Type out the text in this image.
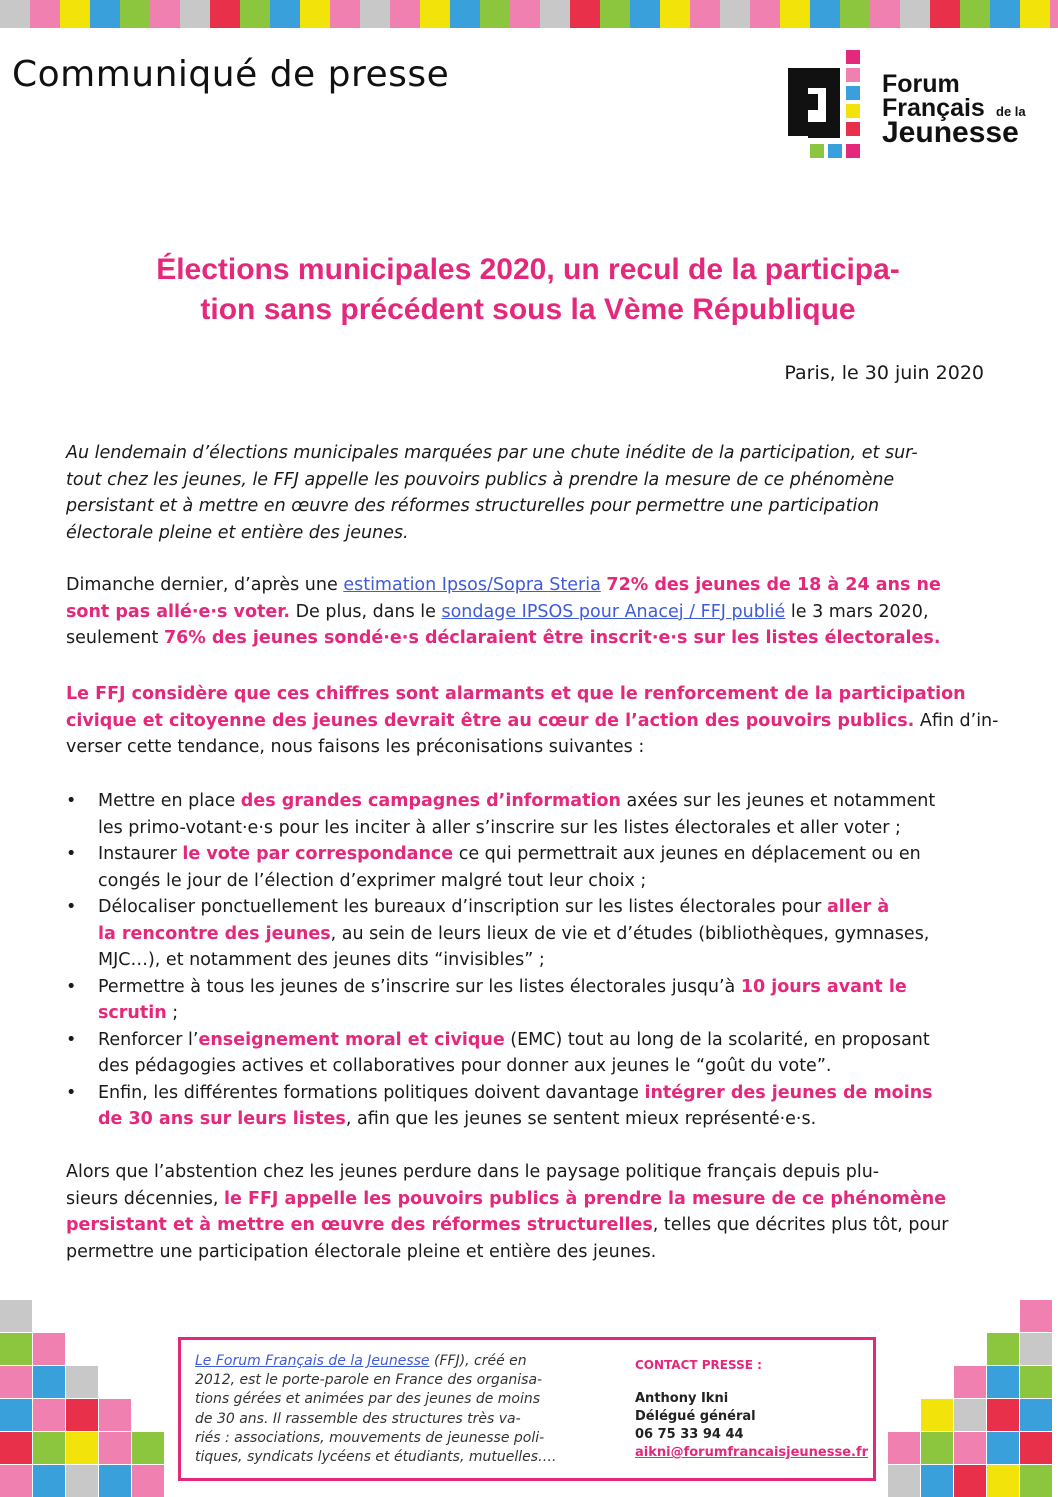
Communiqué de presse	Forum
Français de la
Jeunesse
Élections municipales 2020, un recul de la participa-
tion sans précédent sous la Vème République
Paris, le 30 juin 2020
Au lendemain d’élections municipales marquées par une chute inédite de la participation, et sur-
tout chez les jeunes, le FFJ appelle les pouvoirs publics à prendre la mesure de ce phénomène
persistant et à mettre en œuvre des réformes structurelles pour permettre une participation
électorale pleine et entière des jeunes.
Dimanche dernier, d’après une estimation Ipsos/Sopra Steria 72% des jeunes de 18 à 24 ans ne
sont pas allé·e·s voter. De plus, dans le sondage IPSOS pour Anacej / FFJ publié le 3 mars 2020,
seulement 76% des jeunes sondé·e·s déclaraient être inscrit·e·s sur les listes électorales.
Le FFJ considère que ces chiffres sont alarmants et que le renforcement de la participation
civique et citoyenne des jeunes devrait être au cœur de l’action des pouvoirs publics. Afin d’in-
verser cette tendance, nous faisons les préconisations suivantes :
• Mettre en place des grandes campagnes d’information axées sur les jeunes et notamment
les primo-votant·e·s pour les inciter à aller s’inscrire sur les listes électorales et aller voter ;
• Instaurer le vote par correspondance ce qui permettrait aux jeunes en déplacement ou en
congés le jour de l’élection d’exprimer malgré tout leur choix ;
• Délocaliser ponctuellement les bureaux d’inscription sur les listes électorales pour aller à
la rencontre des jeunes, au sein de leurs lieux de vie et d’études (bibliothèques, gymnases,
MJC…), et notamment des jeunes dits “invisibles” ;
• Permettre à tous les jeunes de s’inscrire sur les listes électorales jusqu’à 10 jours avant le
scrutin ;
• Renforcer l’enseignement moral et civique (EMC) tout au long de la scolarité, en proposant
des pédagogies actives et collaboratives pour donner aux jeunes le “goût du vote”.
• Enfin, les différentes formations politiques doivent davantage intégrer des jeunes de moins
de 30 ans sur leurs listes, afin que les jeunes se sentent mieux représenté·e·s.
Alors que l’abstention chez les jeunes perdure dans le paysage politique français depuis plu-
sieurs décennies, le FFJ appelle les pouvoirs publics à prendre la mesure de ce phénomène
persistant et à mettre en œuvre des réformes structurelles, telles que décrites plus tôt, pour
permettre une participation électorale pleine et entière des jeunes.
Le Forum Français de la Jeunesse (FFJ), créé en
2012, est le porte-parole en France des organisa-
tions gérées et animées par des jeunes de moins
de 30 ans. Il rassemble des structures très va-
riés : associations, mouvements de jeunesse poli-
tiques, syndicats lycéens et étudiants, mutuelles….
CONTACT PRESSE :
Anthony Ikni
Délégué général
06 75 33 94 44
aikni@forumfrancaisjeunesse.fr
